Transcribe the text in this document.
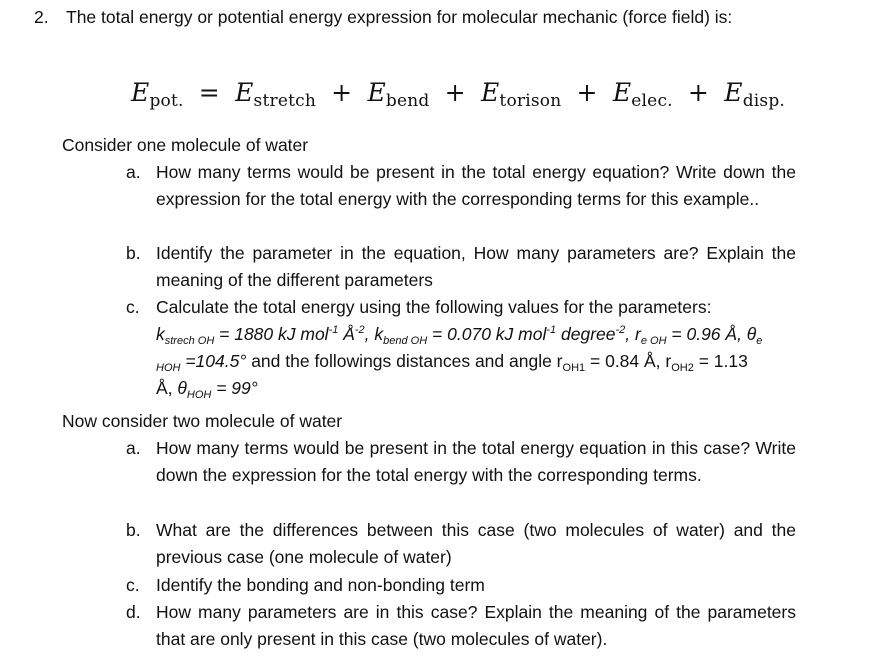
2. The total energy or potential energy expression for molecular mechanic (force field) is:
$E_{pot.} = E_{stretch} + E_{bend} + E_{torison} + E_{elec.} + E_{disp.}$
Consider one molecule of water
a. How many terms would be present in the total energy equation? Write down the expression for the total energy with the corresponding terms for this example..
b. Identify the parameter in the equation, How many parameters are? Explain the meaning of the different parameters
c. Calculate the total energy using the following values for the parameters:
$k_{strech OH} = 1880$ kJ mol$^{-1}$ $Å^{-2}$, $k_{bend OH} = 0.070$ kJ mol$^{-1}$ degree$^{-2}$, $r_{e OH} = 0.96$ Å, $\theta_e$
$_{HOH}$ =104.5° and the followings distances and angle $r_{OH1} = 0.84$ Å, $r_{OH2} = 1.13$
Å, $\theta_{HOH} = 99^\circ$
Now consider two molecule of water
a. How many terms would be present in the total energy equation in this case? Write down the expression for the total energy with the corresponding terms.
b. What are the differences between this case (two molecules of water) and the previous case (one molecule of water)
c. Identify the bonding and non-bonding term
d. How many parameters are in this case? Explain the meaning of the parameters that are only present in this case (two molecules of water).
